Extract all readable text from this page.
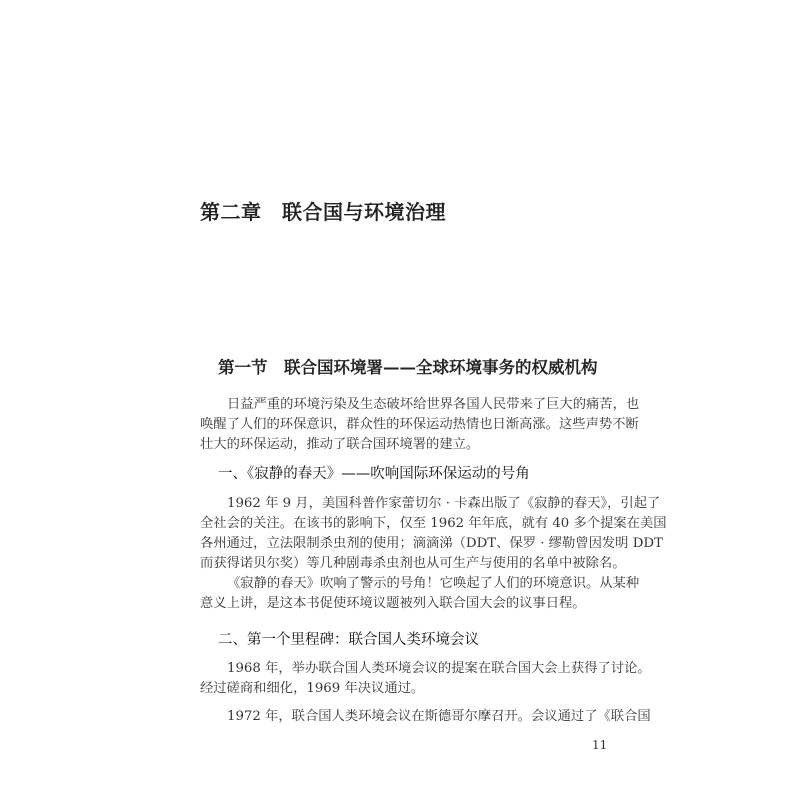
第二章　联合国与环境治理
第一节　联合国环境署——全球环境事务的权威机构
日益严重的环境污染及生态破坏给世界各国人民带来了巨大的痛苦，也
唤醒了人们的环保意识，群众性的环保运动热情也日渐高涨。这些声势不断
壮大的环保运动，推动了联合国环境署的建立。
一、《寂静的春天》——吹响国际环保运动的号角
1962 年 9 月，美国科普作家蕾切尔 · 卡森出版了《寂静的春天》，引起了
全社会的关注。在该书的影响下，仅至 1962 年年底，就有 40 多个提案在美国
各州通过，立法限制杀虫剂的使用；滴滴涕（DDT、保罗 · 缪勒曾因发明 DDT
而获得诺贝尔奖）等几种剧毒杀虫剂也从可生产与使用的名单中被除名。
《寂静的春天》吹响了警示的号角！它唤起了人们的环境意识。从某种
意义上讲，是这本书促使环境议题被列入联合国大会的议事日程。
二、第一个里程碑：联合国人类环境会议
1968 年，举办联合国人类环境会议的提案在联合国大会上获得了讨论。
经过磋商和细化，1969 年决议通过。
1972 年，联合国人类环境会议在斯德哥尔摩召开。会议通过了《联合国
11
